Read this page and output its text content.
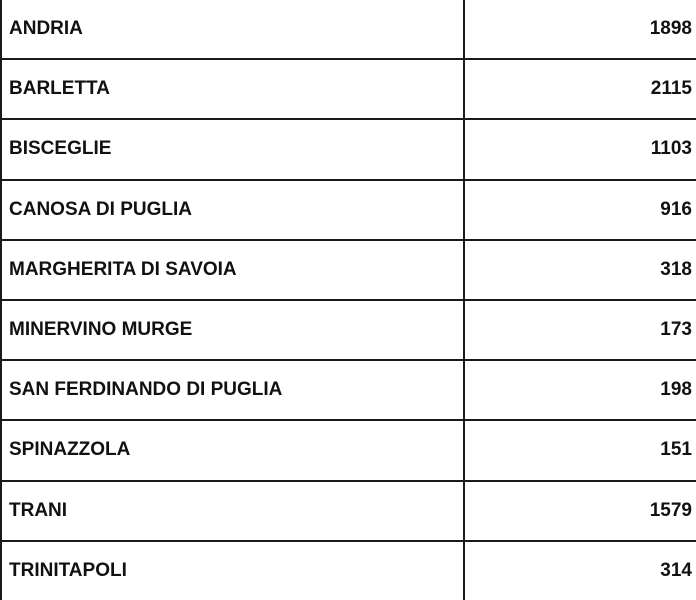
ANDRIA	1898
BARLETTA	2115
BISCEGLIE	1103
CANOSA DI PUGLIA	916
MARGHERITA DI SAVOIA	318
MINERVINO MURGE	173
SAN FERDINANDO DI PUGLIA	198
SPINAZZOLA	151
TRANI	1579
TRINITAPOLI	314
